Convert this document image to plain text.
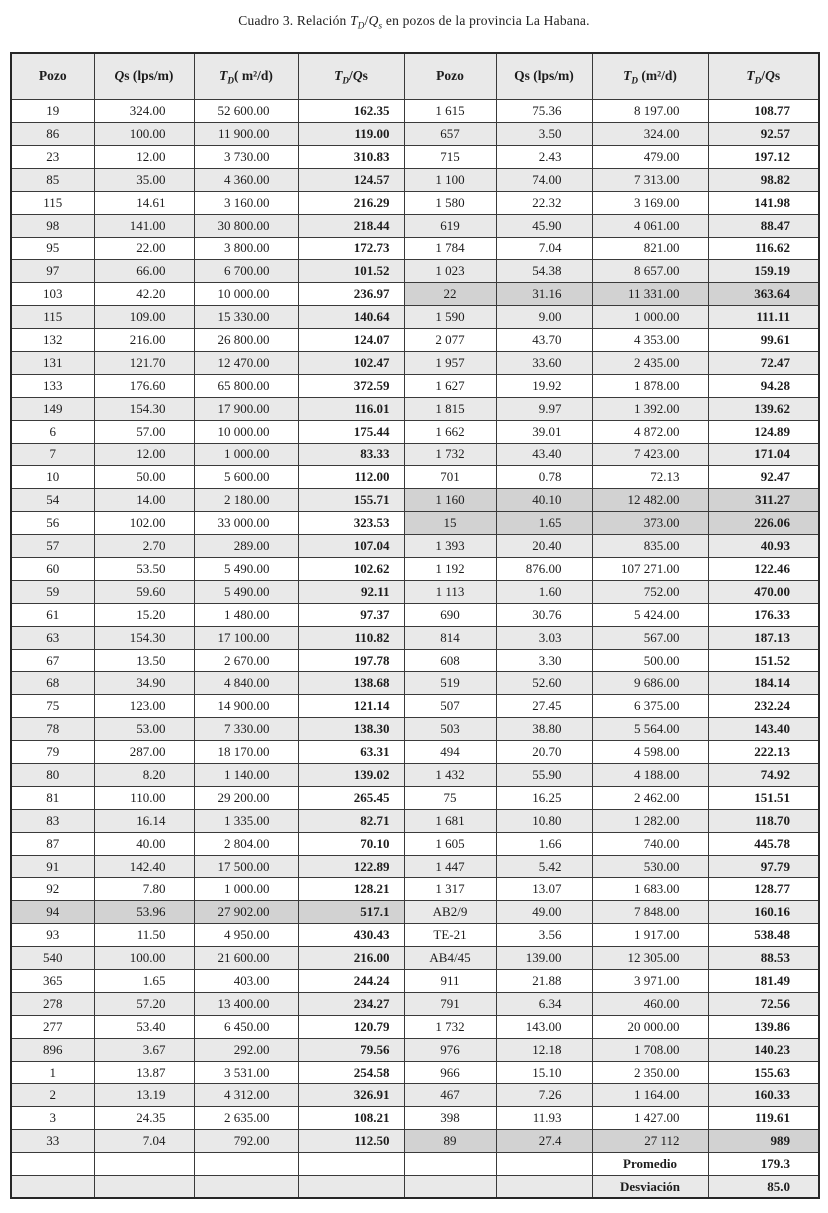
Cuadro 3. Relación $T_D/Q_s$ en pozos de la provincia La Habana.
Pozo	Qs (lps/m)	$T_D$( m²/d)	$T_D/Qs$	Pozo	Qs (lps/m)	$T_D$ (m²/d)	$T_D/Qs$
19	324.00	52 600.00	162.35	1 615	75.36	8 197.00	108.77
86	100.00	11 900.00	119.00	657	3.50	324.00	92.57
23	12.00	3 730.00	310.83	715	2.43	479.00	197.12
85	35.00	4 360.00	124.57	1 100	74.00	7 313.00	98.82
115	14.61	3 160.00	216.29	1 580	22.32	3 169.00	141.98
98	141.00	30 800.00	218.44	619	45.90	4 061.00	88.47
95	22.00	3 800.00	172.73	1 784	7.04	821.00	116.62
97	66.00	6 700.00	101.52	1 023	54.38	8 657.00	159.19
103	42.20	10 000.00	236.97	22	31.16	11 331.00	363.64
115	109.00	15 330.00	140.64	1 590	9.00	1 000.00	111.11
132	216.00	26 800.00	124.07	2 077	43.70	4 353.00	99.61
131	121.70	12 470.00	102.47	1 957	33.60	2 435.00	72.47
133	176.60	65 800.00	372.59	1 627	19.92	1 878.00	94.28
149	154.30	17 900.00	116.01	1 815	9.97	1 392.00	139.62
6	57.00	10 000.00	175.44	1 662	39.01	4 872.00	124.89
7	12.00	1 000.00	83.33	1 732	43.40	7 423.00	171.04
10	50.00	5 600.00	112.00	701	0.78	72.13	92.47
54	14.00	2 180.00	155.71	1 160	40.10	12 482.00	311.27
56	102.00	33 000.00	323.53	15	1.65	373.00	226.06
57	2.70	289.00	107.04	1 393	20.40	835.00	40.93
60	53.50	5 490.00	102.62	1 192	876.00	107 271.00	122.46
59	59.60	5 490.00	92.11	1 113	1.60	752.00	470.00
61	15.20	1 480.00	97.37	690	30.76	5 424.00	176.33
63	154.30	17 100.00	110.82	814	3.03	567.00	187.13
67	13.50	2 670.00	197.78	608	3.30	500.00	151.52
68	34.90	4 840.00	138.68	519	52.60	9 686.00	184.14
75	123.00	14 900.00	121.14	507	27.45	6 375.00	232.24
78	53.00	7 330.00	138.30	503	38.80	5 564.00	143.40
79	287.00	18 170.00	63.31	494	20.70	4 598.00	222.13
80	8.20	1 140.00	139.02	1 432	55.90	4 188.00	74.92
81	110.00	29 200.00	265.45	75	16.25	2 462.00	151.51
83	16.14	1 335.00	82.71	1 681	10.80	1 282.00	118.70
87	40.00	2 804.00	70.10	1 605	1.66	740.00	445.78
91	142.40	17 500.00	122.89	1 447	5.42	530.00	97.79
92	7.80	1 000.00	128.21	1 317	13.07	1 683.00	128.77
94	53.96	27 902.00	517.1	AB2/9	49.00	7 848.00	160.16
93	11.50	4 950.00	430.43	TE-21	3.56	1 917.00	538.48
540	100.00	21 600.00	216.00	AB4/45	139.00	12 305.00	88.53
365	1.65	403.00	244.24	911	21.88	3 971.00	181.49
278	57.20	13 400.00	234.27	791	6.34	460.00	72.56
277	53.40	6 450.00	120.79	1 732	143.00	20 000.00	139.86
896	3.67	292.00	79.56	976	12.18	1 708.00	140.23
1	13.87	3 531.00	254.58	966	15.10	2 350.00	155.63
2	13.19	4 312.00	326.91	467	7.26	1 164.00	160.33
3	24.35	2 635.00	108.21	398	11.93	1 427.00	119.61
33	7.04	792.00	112.50	89	27.4	27 112	989
						Promedio	179.3
						Desviación	85.0
